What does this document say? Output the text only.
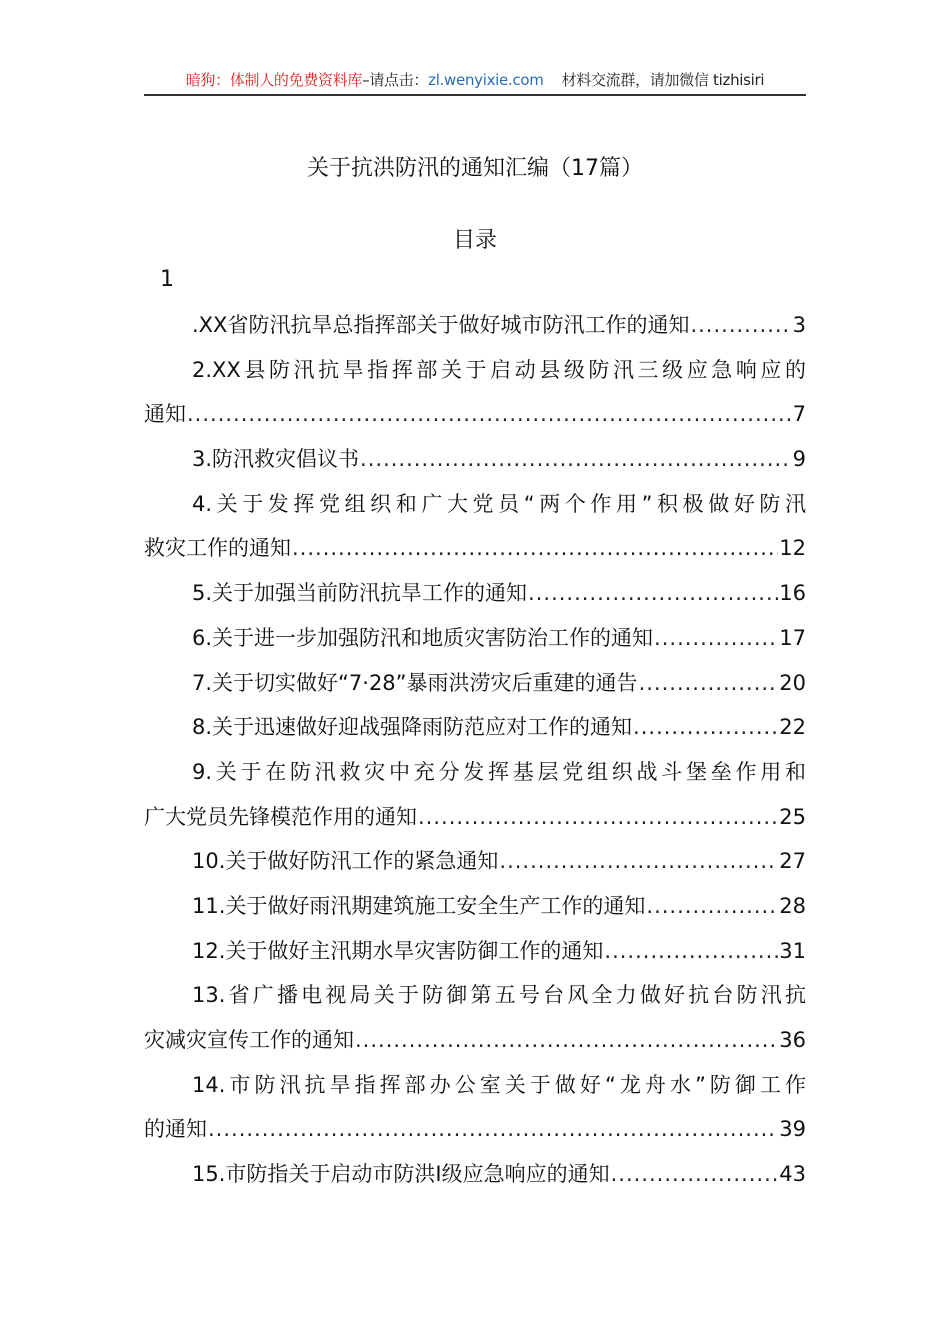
暗狗：体制人的免费资料库–请点击：zl.wenyixie.com 材料交流群，请加微信 tizhisiri
关于抗洪防汛的通知汇编（17篇）
目录
1
.XX省防汛抗旱总指挥部关于做好城市防汛工作的通知 .....	3
2.XX县防汛抗旱指挥部关于启动县级防汛三级应急响应的
通知 .....	7
3.防汛救灾倡议书 .....	9
4.关于发挥党组织和广大党员“两个作用”积极做好防汛
救灾工作的通知 .....	12
5.关于加强当前防汛抗旱工作的通知 .....	16
6.关于进一步加强防汛和地质灾害防治工作的通知 .....	17
7.关于切实做好“7·28”暴雨洪涝灾后重建的通告 .....	20
8.关于迅速做好迎战强降雨防范应对工作的通知 .....	22
9.关于在防汛救灾中充分发挥基层党组织战斗堡垒作用和
广大党员先锋模范作用的通知 .....	25
10.关于做好防汛工作的紧急通知 .....	27
11.关于做好雨汛期建筑施工安全生产工作的通知 .....	28
12.关于做好主汛期水旱灾害防御工作的通知 .....	31
13.省广播电视局关于防御第五号台风全力做好抗台防汛抗
灾减灾宣传工作的通知 .....	36
14.市防汛抗旱指挥部办公室关于做好“龙舟水”防御工作
的通知 .....	39
15.市防指关于启动市防洪Ⅰ级应急响应的通知 .....	43
